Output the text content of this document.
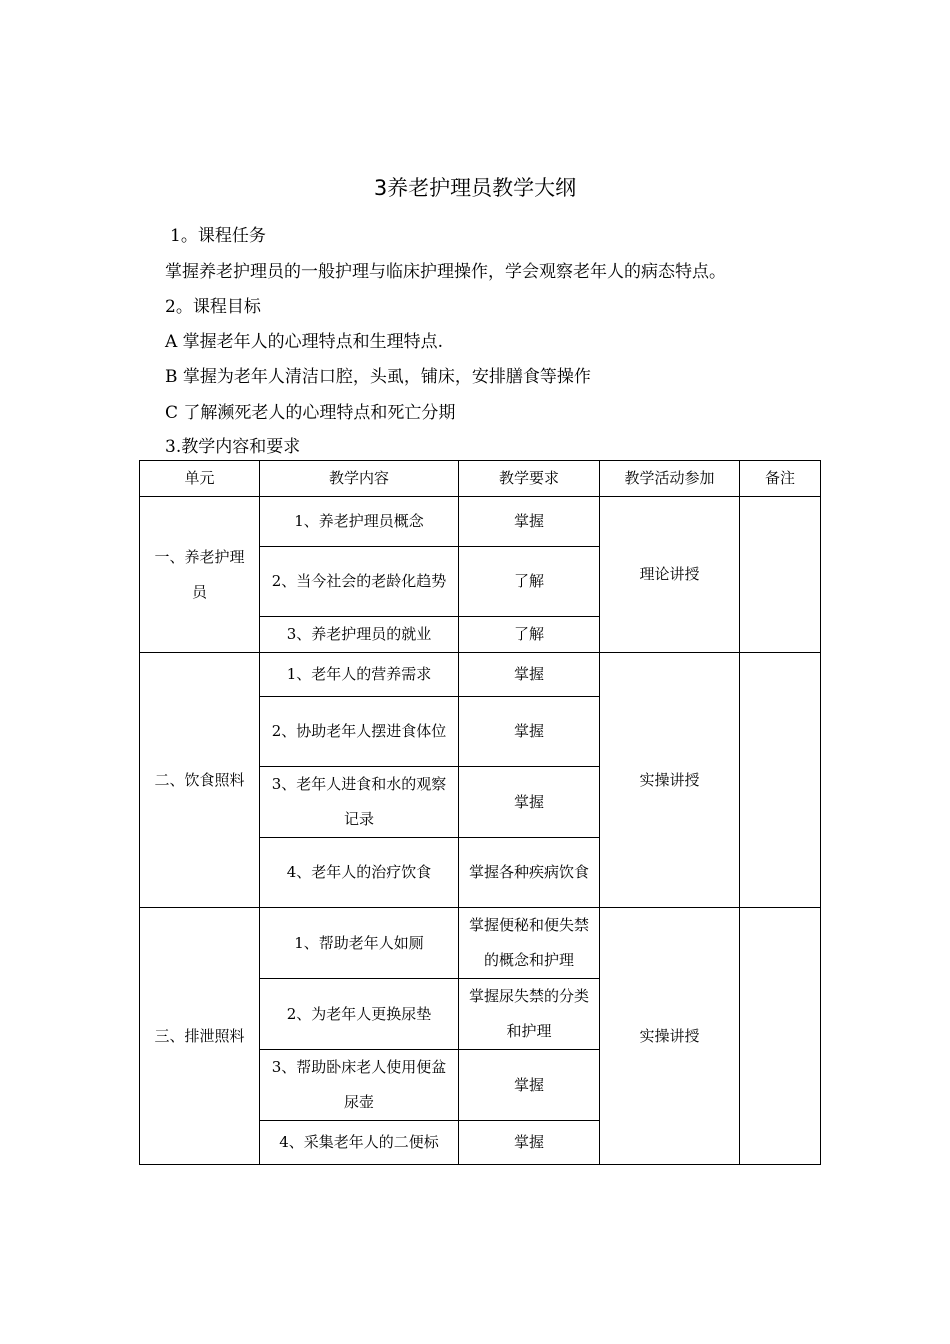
3养老护理员教学大纲
1。课程任务
掌握养老护理员的一般护理与临床护理操作，学会观察老年人的病态特点。
2。课程目标
A 掌握老年人的心理特点和生理特点.
B 掌握为老年人清洁口腔，头虱，铺床，安排膳食等操作
C 了解濒死老人的心理特点和死亡分期
3.教学内容和要求
单元	教学内容	教学要求	教学活动参加	备注
一、养老护理员	1、养老护理员概念	掌握	理论讲授	
	2、当今社会的老龄化趋势	了解		
	3、养老护理员的就业	了解		
二、饮食照料	1、老年人的营养需求	掌握	实操讲授	
	2、协助老年人摆进食体位	掌握		
	3、老年人进食和水的观察记录	掌握		
	4、老年人的治疗饮食	掌握各种疾病饮食		
三、排泄照料	1、帮助老年人如厕	掌握便秘和便失禁的概念和护理	实操讲授	
	2、为老年人更换尿垫	掌握尿失禁的分类和护理		
	3、帮助卧床老人使用便盆尿壶	掌握		
	4、采集老年人的二便标	掌握		
